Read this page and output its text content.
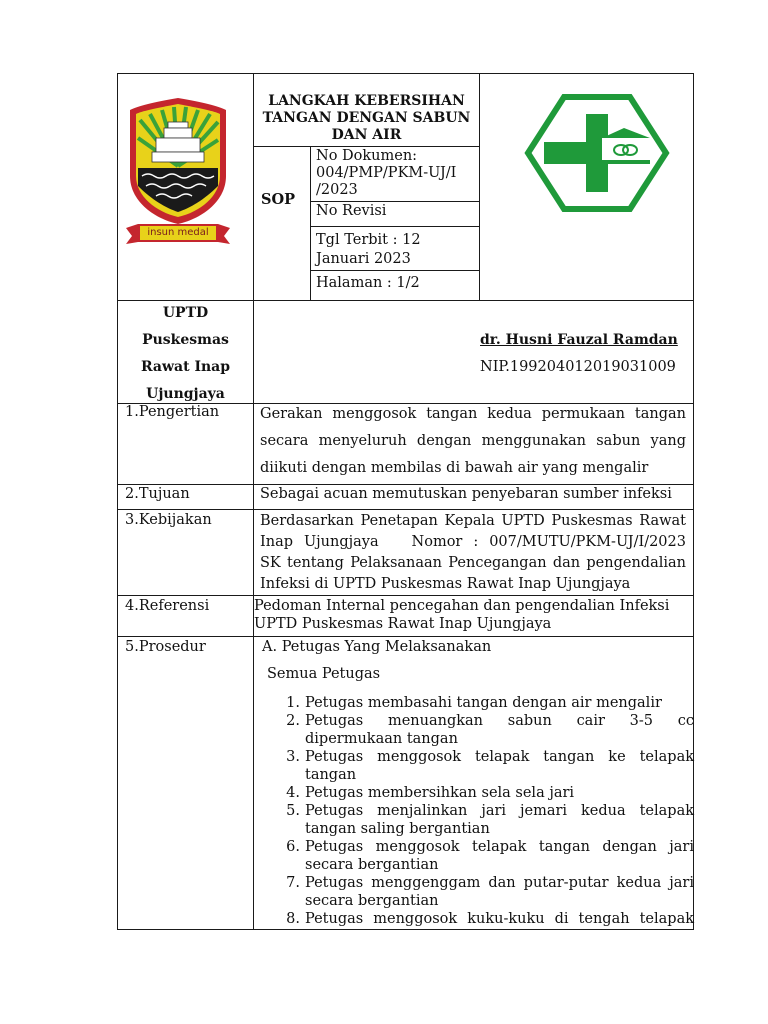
insun medal
LANGKAH KEBERSIHAN
TANGAN DENGAN SABUN
DAN AIR
SOP
No Dokumen:
004/PMP/PKM-UJ/I
/2023
No Revisi
Tgl Terbit : 12
Januari 2023
Halaman : 1/2
UPTD
Puskesmas
Rawat Inap
Ujungjaya
dr. Husni Fauzal Ramdan
NIP.199204012019031009
1.Pengertian	Gerakan menggosok tangan kedua permukaan tangan
secara menyeluruh dengan menggunakan sabun yang
diikuti dengan membilas di bawah air yang mengalir
2.Tujuan	Sebagai acuan memutuskan penyebaran sumber infeksi
3.Kebijakan	Berdasarkan Penetapan Kepala UPTD Puskesmas Rawat
Inap Ujungjaya   Nomor : 007/MUTU/PKM-UJ/I/2023
SK tentang Pelaksanaan Pencegangan dan pengendalian
Infeksi di UPTD Puskesmas Rawat Inap Ujungjaya
4.Referensi	Pedoman Internal pencegahan dan pengendalian Infeksi
UPTD Puskesmas Rawat Inap Ujungjaya
5.Prosedur	A. Petugas Yang Melaksanakan
Semua Petugas
1. Petugas membasahi tangan dengan air mengalir
2. Petugas menuangkan sabun cair 3-5 cc
dipermukaan tangan
3. Petugas menggosok telapak tangan ke telapak
tangan
4. Petugas membersihkan sela sela jari
5. Petugas menjalinkan jari jemari kedua telapak
tangan saling bergantian
6. Petugas menggosok telapak tangan dengan jari
secara bergantian
7. Petugas menggenggam dan putar-putar kedua jari
secara bergantian
8. Petugas menggosok kuku-kuku di tengah telapak
